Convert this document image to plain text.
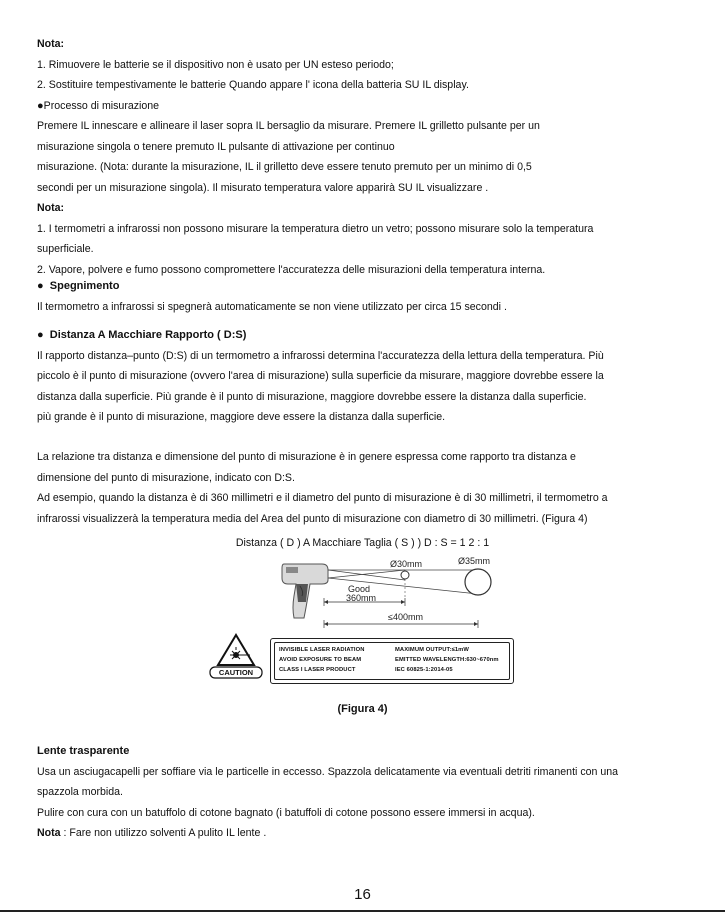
Nota:

1. Rimuovere le batterie se il dispositivo non è usato per UN esteso periodo;

2. Sostituire tempestivamente le batterie Quando appare l' icona della batteria SU IL display.

●Processo di misurazione

Premere IL innescare e allineare il laser sopra IL bersaglio da misurare. Premere IL grilletto pulsante per un

misurazione singola o tenere premuto IL pulsante di attivazione per continuo

misurazione. (Nota: durante la misurazione, IL il grilletto deve essere tenuto premuto per un minimo di 0,5

secondi per un misurazione singola). Il misurato temperatura valore apparirà SU IL visualizzare .

Nota:

1. I termometri a infrarossi non possono misurare la temperatura dietro un vetro; possono misurare solo la temperatura

superficiale.

2. Vapore, polvere e fumo possono compromettere l'accuratezza delle misurazioni della temperatura interna.

●  Spegnimento

Il termometro a infrarossi si spegnerà automaticamente se non viene utilizzato per circa 15 secondi .

●  Distanza A Macchiare Rapporto ( D:S)

Il rapporto distanza–punto (D:S) di un termometro a infrarossi determina l'accuratezza della lettura della temperatura. Più

piccolo è il punto di misurazione (ovvero l'area di misurazione) sulla superficie da misurare, maggiore dovrebbe essere la

distanza dalla superficie. Più grande è il punto di misurazione, maggiore dovrebbe essere la distanza dalla superficie.

più grande è il punto di misurazione, maggiore deve essere la distanza dalla superficie.

La relazione tra distanza e dimensione del punto di misurazione è in genere espressa come rapporto tra distanza e

dimensione del punto di misurazione, indicato con D:S.

Ad esempio, quando la distanza è di 360 millimetri e il diametro del punto di misurazione è di 30 millimetri, il termometro a

infrarossi visualizzerà la temperatura media del Area del punto di misurazione con diametro di 30 millimetri. (Figura 4)

Distanza ( D ) A Macchiare Taglia ( S ) ) D : S = 1 2 : 1
Good
360mm
≤400mm
Ø30mm	Ø35mm
CAUTION
INVISIBLE LASER RADIATION
AVOID EXPOSURE TO BEAM
CLASS I LASER PRODUCT
MAXIMUM OUTPUT:≤1mW
EMITTED WAVELENGTH:630~670nm
IEC 60825-1:2014-05
(Figura 4)

Lente trasparente

Usa un asciugacapelli per soffiare via le particelle in eccesso. Spazzola delicatamente via eventuali detriti rimanenti con una

spazzola morbida.

Pulire con cura con un batuffolo di cotone bagnato (i batuffoli di cotone possono essere immersi in acqua).

Nota : Fare non utilizzo solventi A pulito IL lente .

16
